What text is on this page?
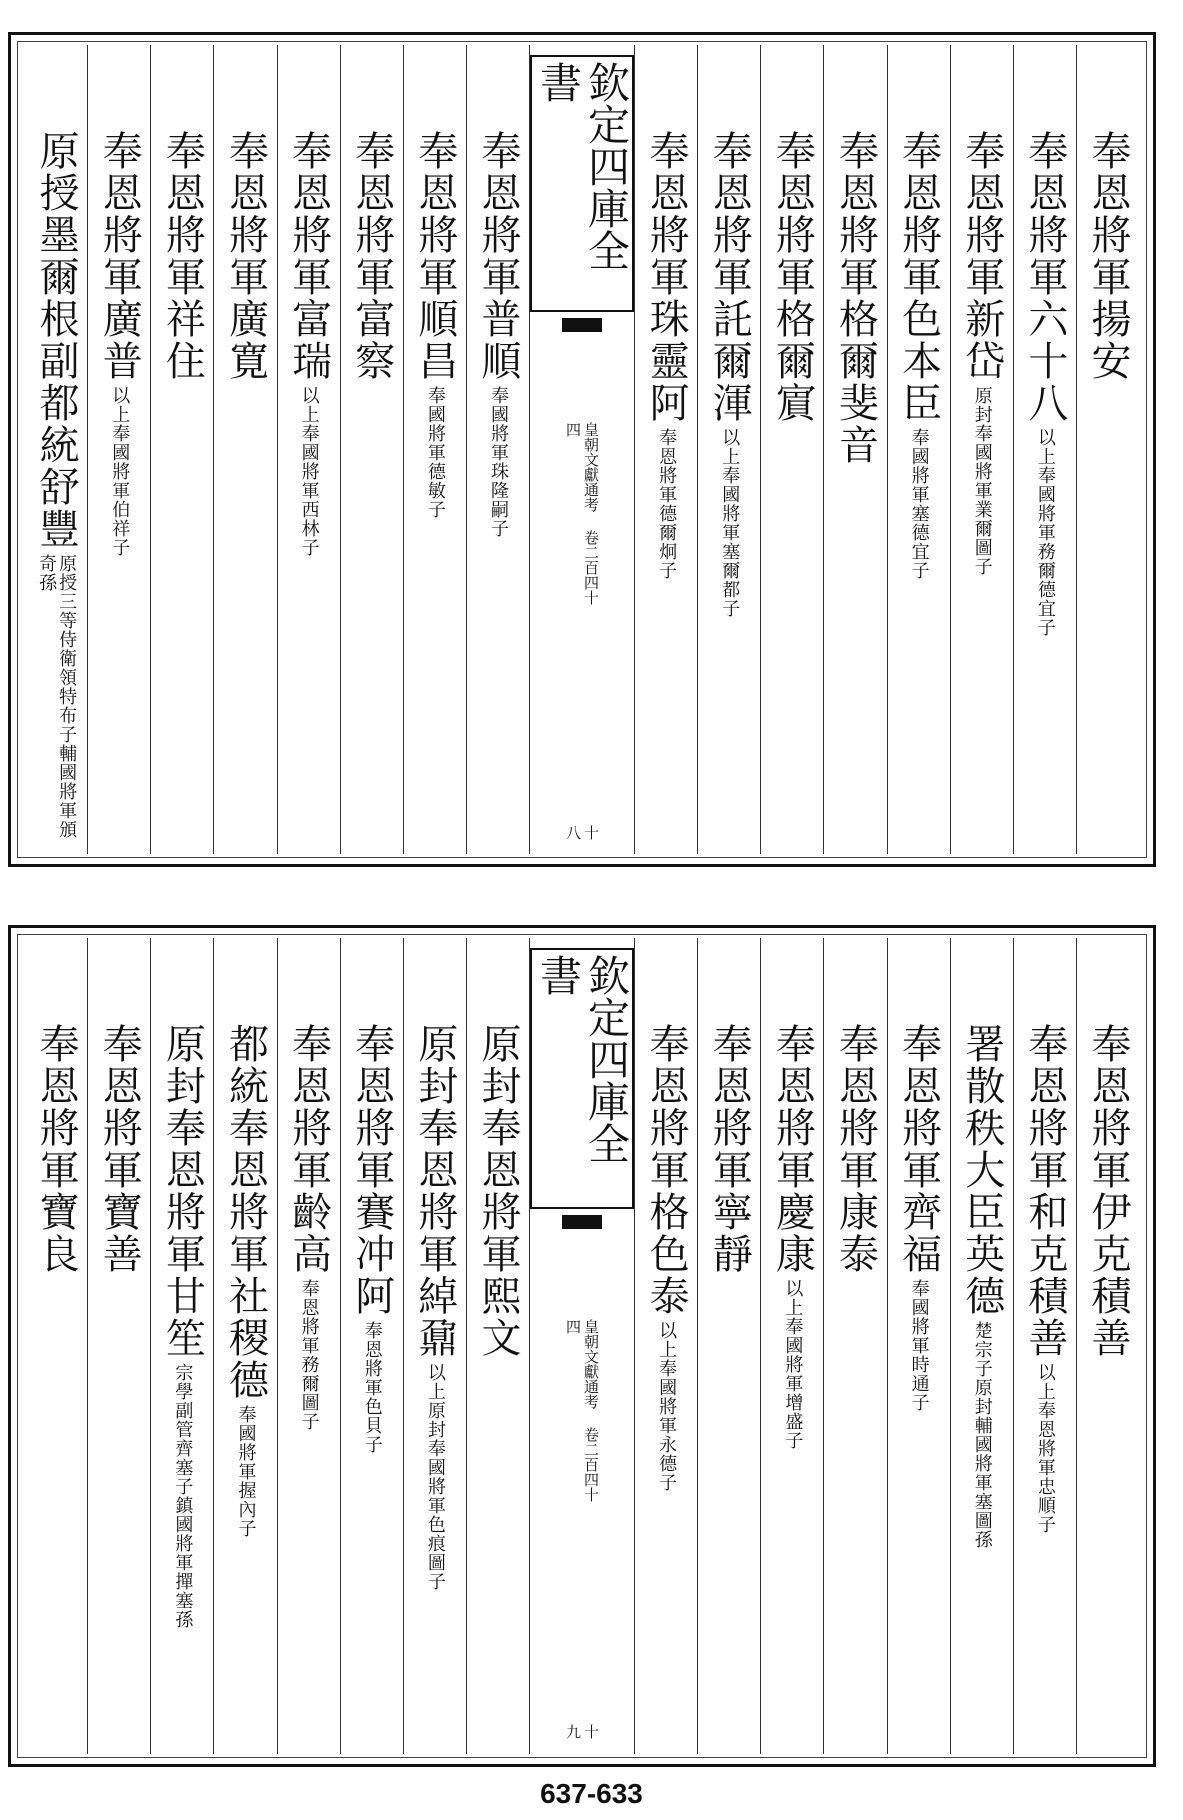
奉恩將軍揚安
奉恩將軍六十八
以上奉國將軍務爾德宜子
奉恩將軍新岱
原封奉國將軍業爾圖子
奉恩將軍色本臣
奉國將軍塞德宜子
奉恩將軍格爾斐音
奉恩將軍格爾賔
奉恩將軍託爾渾
以上奉國將軍塞爾都子
奉恩將軍珠靈阿
奉恩將軍德爾炯子
欽定四庫全書
皇朝文獻通考 卷二百四十四
十八
奉恩將軍普順
奉國將軍珠隆嗣子
奉恩將軍順昌
奉國將軍德敏子
奉恩將軍富察
奉恩將軍富瑞
以上奉國將軍西林子
奉恩將軍廣寛
奉恩將軍祥住
奉恩將軍廣普
以上奉國將軍伯祥子
原授墨爾根副都統舒豐
原授三等侍衛領特布子輔國將軍頒奇孫
奉恩將軍伊克積善
奉恩將軍和克積善
以上奉恩將軍忠順子
署散秩大臣英德
楚宗子原封輔國將軍塞圖孫
奉恩將軍齊福
奉國將軍時通子
奉恩將軍康泰
奉恩將軍慶康
以上奉國將軍增盛子
奉恩將軍寧靜
奉恩將軍格色泰
以上奉國將軍永德子
欽定四庫全書
皇朝文獻通考 卷二百四十四
十九
原封奉恩將軍熙文
原封奉恩將軍綽鼐
以上原封奉國將軍色痕圖子
奉恩將軍賽冲阿
奉恩將軍色貝子
奉恩將軍齡高
奉恩將軍務爾圖子
都統奉恩將軍社稷德
奉國將軍握內子
原封奉恩將軍甘笙
宗學副管齊塞子鎮國將軍撣塞孫
奉恩將軍寶善
奉恩將軍寶良
637-633
